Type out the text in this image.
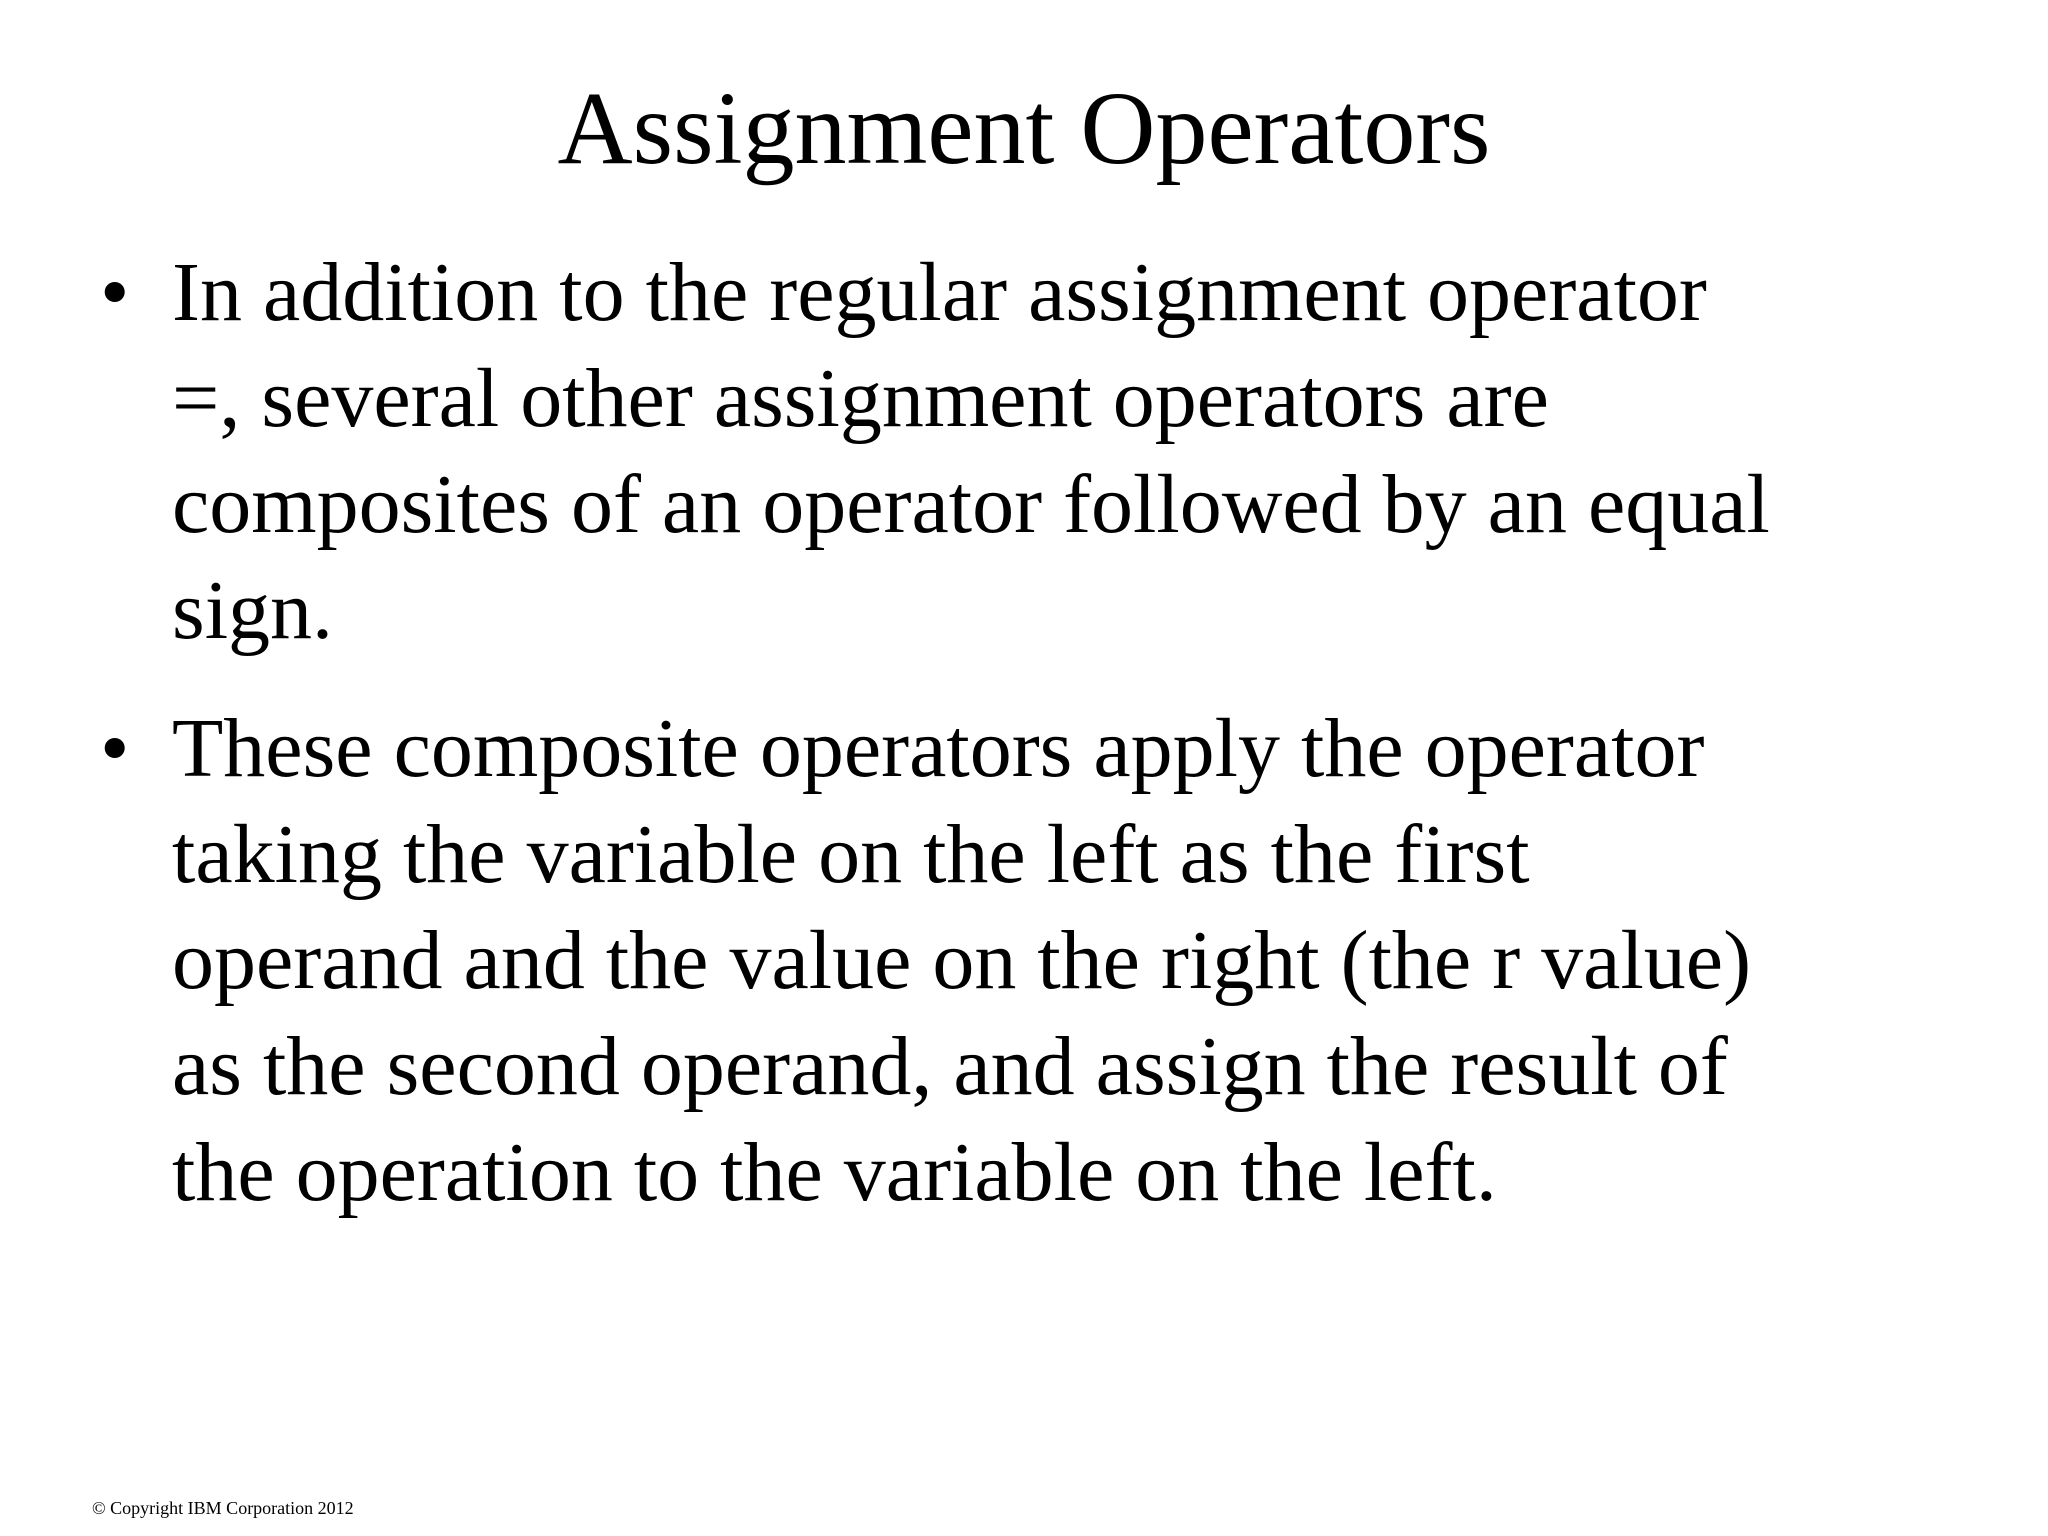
Assignment Operators
• In addition to the regular assignment operator
=, several other assignment operators are
composites of an operator followed by an equal
sign.
• These composite operators apply the operator
taking the variable on the left as the first
operand and the value on the right (the r value)
as the second operand, and assign the result of
the operation to the variable on the left.
© Copyright IBM Corporation 2012
